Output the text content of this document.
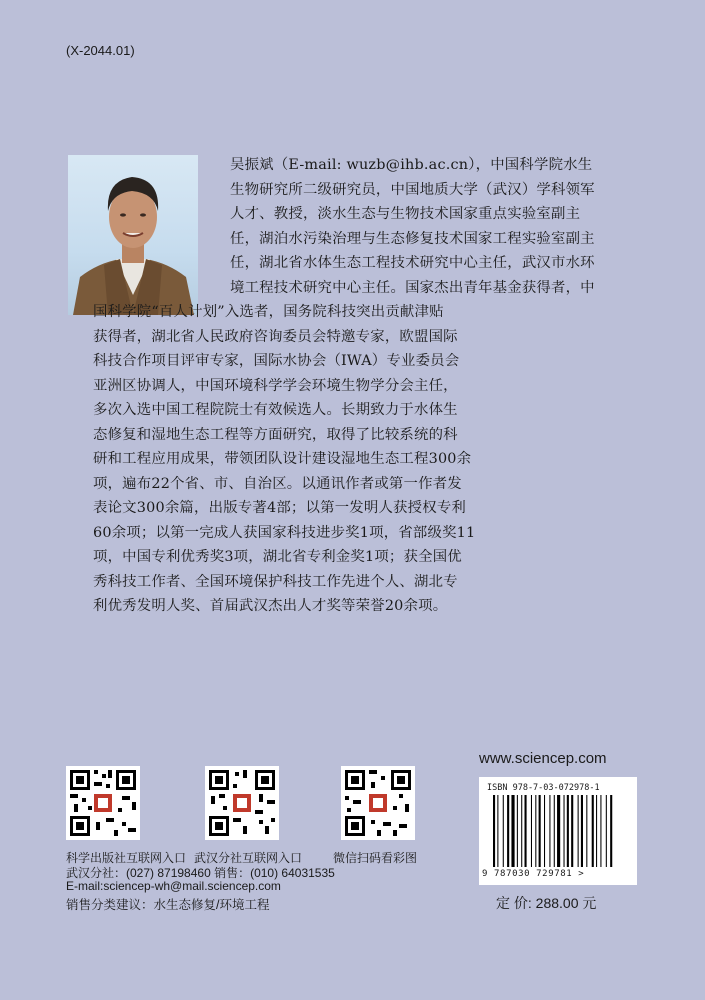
(X-2044.01)
吴振斌（E-mail: wuzb@ihb.ac.cn），中国科学院水生
生物研究所二级研究员，中国地质大学（武汉）学科领军
人才、教授，淡水生态与生物技术国家重点实验室副主
任，湖泊水污染治理与生态修复技术国家工程实验室副主
任，湖北省水体生态工程技术研究中心主任，武汉市水环
境工程技术研究中心主任。国家杰出青年基金获得者，中
国科学院“百人计划”入选者，国务院科技突出贡献津贴
获得者，湖北省人民政府咨询委员会特邀专家，欧盟国际
科技合作项目评审专家，国际水协会（IWA）专业委员会
亚洲区协调人，中国环境科学学会环境生物学分会主任，
多次入选中国工程院院士有效候选人。长期致力于水体生
态修复和湿地生态工程等方面研究，取得了比较系统的科
研和工程应用成果，带领团队设计建设湿地生态工程300余
项，遍布22个省、市、自治区。以通讯作者或第一作者发
表论文300余篇，出版专著4部；以第一发明人获授权专利
60余项；以第一完成人获国家科技进步奖1项，省部级奖11
项，中国专利优秀奖3项，湖北省专利金奖1项；获全国优
秀科技工作者、全国环境保护科技工作先进个人、湖北专
利优秀发明人奖、首届武汉杰出人才奖等荣誉20余项。
科学出版社互联网入口 武汉分社互联网入口	微信扫码看彩图
武汉分社：(027) 87198460 销售：(010) 64031535
E-mail:sciencep-wh@mail.sciencep.com
销售分类建议：水生态修复/环境工程
www.sciencep.com
ISBN 978-7-03-072978-1
9 787030 729781 >
定 价: 288.00 元
